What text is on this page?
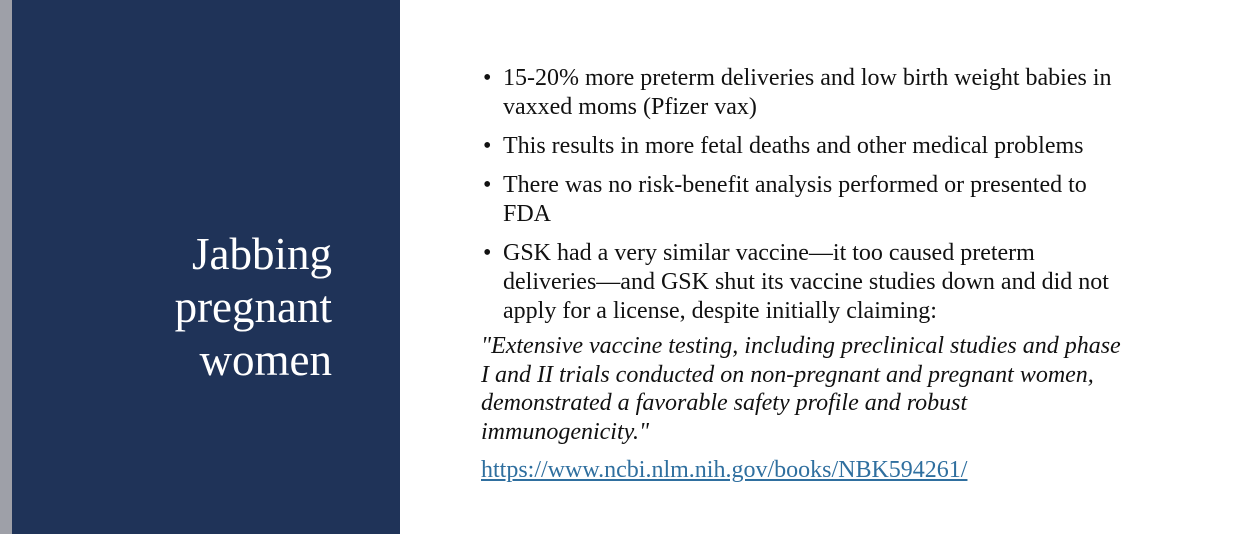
Jabbing pregnant women
• 15-20% more preterm deliveries and low birth weight babies in vaxxed moms (Pfizer vax)
• This results in more fetal deaths and other medical problems
• There was no risk-benefit analysis performed or presented to FDA
• GSK had a very similar vaccine—it too caused preterm deliveries—and GSK shut its vaccine studies down and did not apply for a license, despite initially claiming:

"Extensive vaccine testing, including preclinical studies and phase I and II trials conducted on non-pregnant and pregnant women, demonstrated a favorable safety profile and robust immunogenicity."

https://www.ncbi.nlm.nih.gov/books/NBK594261/
